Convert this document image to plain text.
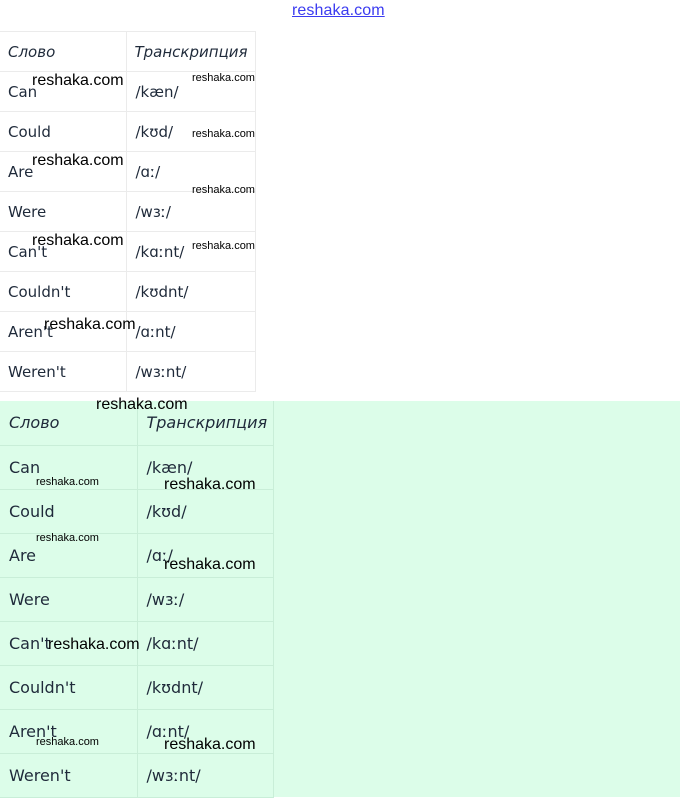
reshaka.com
Слово	Транскрипция
Can	/kæn/
Could	/kʊd/
Are	/ɑː/
Were	/wɜː/
Can't	/kɑːnt/
Couldn't	/kʊdnt/
Aren't	/ɑːnt/
Weren't	/wɜːnt/
Слово	Транскрипция
Can	/kæn/
Could	/kʊd/
Are	/ɑː/
Were	/wɜː/
Can't	/kɑːnt/
Couldn't	/kʊdnt/
Aren't	/ɑːnt/
Weren't	/wɜːnt/
reshaka.com	reshaka.com
reshaka.com
reshaka.com
reshaka.com
reshaka.com	reshaka.com
reshaka.com
reshaka.com
reshaka.com	reshaka.com
reshaka.com
reshaka.com
reshaka.com
reshaka.com	reshaka.com
